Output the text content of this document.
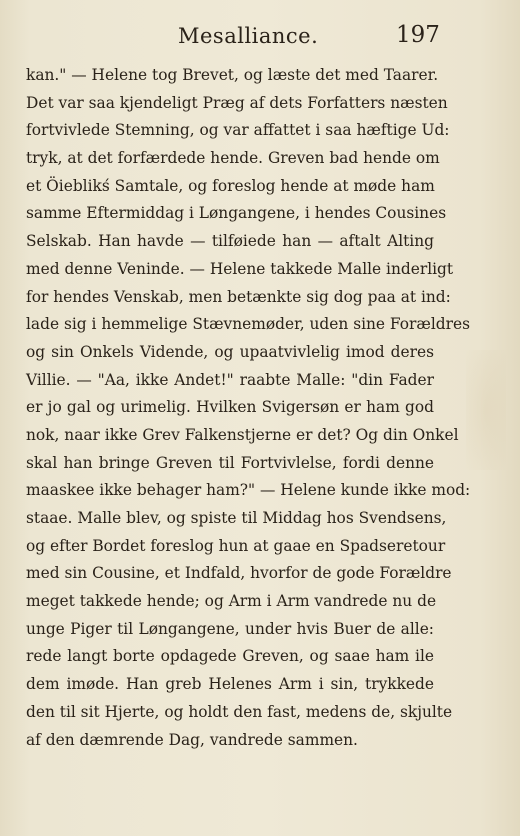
Mesalliance.	197
kan." — Helene tog Brevet, og læste det med Taarer.
Det var saa kjendeligt Præg af dets Forfatters næsten
fortvivlede Stemning, og var affattet i saa hæftige Ud:
tryk, at det forfærdede hende. Greven bad hende om
et Öieblikś Samtale, og foreslog hende at møde ham
samme Eftermiddag i Løngangene, i hendes Cousines
Selskab. Han havde — tilføiede han — aftalt Alting
med denne Veninde. — Helene takkede Malle inderligt
for hendes Venskab, men betænkte sig dog paa at ind:
lade sig i hemmelige Stævnemøder, uden sine Forældres
og sin Onkels Vidende, og upaatvivlelig imod deres
Villie. — "Aa, ikke Andet!" raabte Malle: "din Fader
er jo gal og urimelig. Hvilken Svigersøn er ham god
nok, naar ikke Grev Falkenstjerne er det? Og din Onkel
skal han bringe Greven til Fortvivlelse, fordi denne
maaskee ikke behager ham?" — Helene kunde ikke mod:
staae. Malle blev, og spiste til Middag hos Svendsens,
og efter Bordet foreslog hun at gaae en Spadseretour
med sin Cousine, et Indfald, hvorfor de gode Forældre
meget takkede hende; og Arm i Arm vandrede nu de
unge Piger til Løngangene, under hvis Buer de alle:
rede langt borte opdagede Greven, og saae ham ile
dem imøde. Han greb Helenes Arm i sin, trykkede
den til sit Hjerte, og holdt den fast, medens de, skjulte
af den dæmrende Dag, vandrede sammen.
